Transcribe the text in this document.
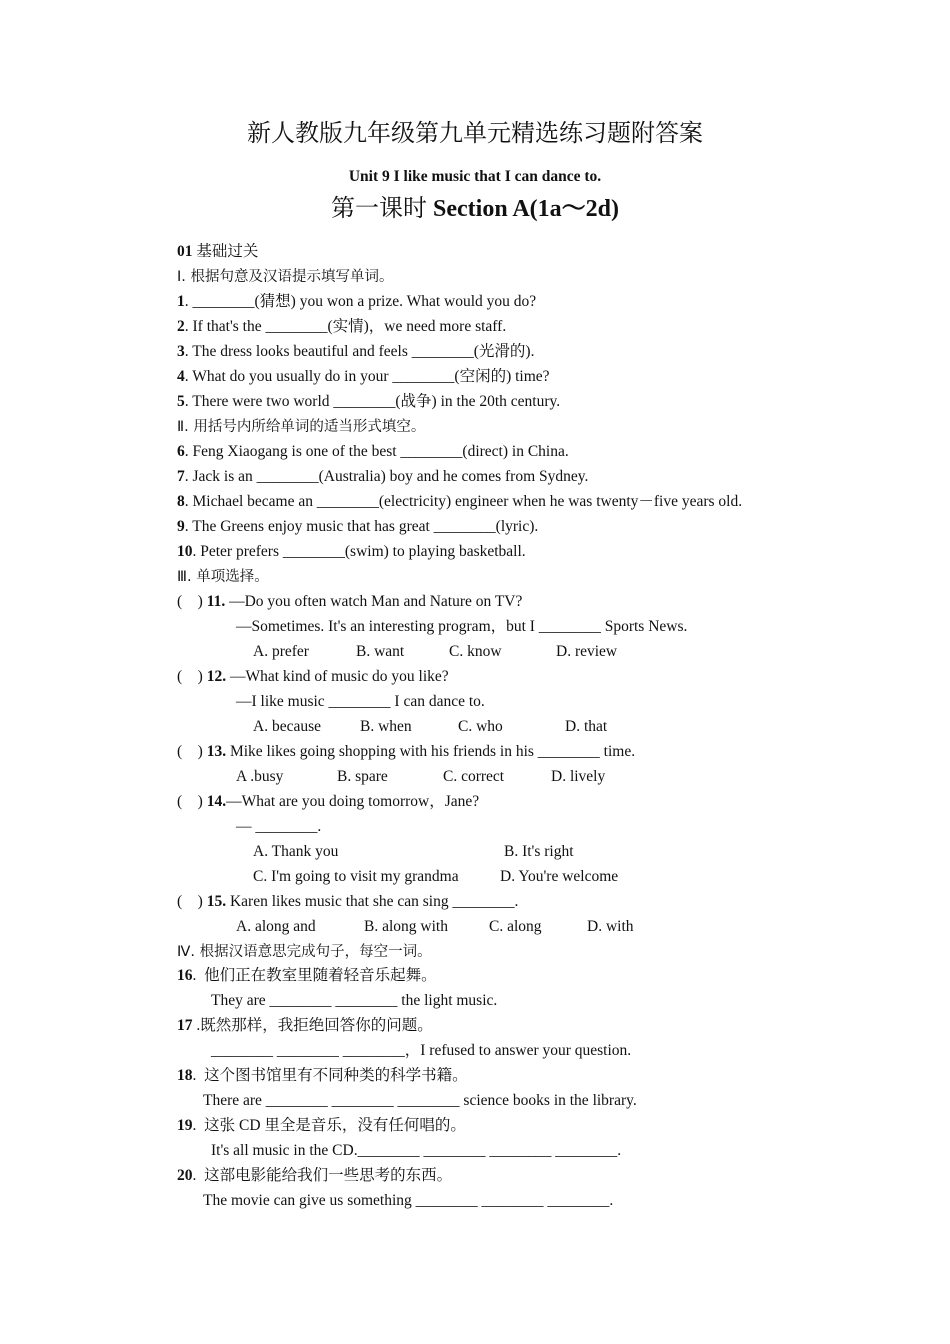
新人教版九年级第九单元精选练习题附答案
Unit 9 I like music that I can dance to.
第一课时 Section A(1a～2d)
01 基础过关
Ⅰ. 根据句意及汉语提示填写单词。
1. ________(猜想) you won a prize. What would you do?
2. If that's the ________(实情)，we need more staff.
3. The dress looks beautiful and feels ________(光滑的).
4. What do you usually do in your ________(空闲的) time?
5. There were two world ________(战争) in the 20th century.
Ⅱ. 用括号内所给单词的适当形式填空。
6. Feng Xiaogang is one of the best ________(direct) in China.
7. Jack is an ________(Australia) boy and he comes from Sydney.
8. Michael became an ________(electricity) engineer when he was twenty－five years old.
9. The Greens enjoy music that has great ________(lyric).
10. Peter prefers ________(swim) to playing basketball.
Ⅲ. 单项选择。
(    ) 11. —Do you often watch Man and Nature on TV?
—Sometimes. It's an interesting program，but I ________ Sports News.
A. prefer	B. want	C. know	D. review
(    ) 12. —What kind of music do you like?
—I like music ________ I can dance to.
A. because	B. when	C. who	D. that
(    ) 13. Mike likes going shopping with his friends in his ________ time.
A .busy	B. spare	C. correct	D. lively
(    ) 14.—What are you doing tomorrow，Jane?
— ________.
A. Thank you	B. It's right
C. I'm going to visit my grandma	D. You're welcome
(    ) 15. Karen likes music that she can sing ________.
A. along and	B. along with	C. along	D. with
Ⅳ. 根据汉语意思完成句子，每空一词。
16.  他们正在教室里随着轻音乐起舞。
They are ________ ________ the light music.
17 .既然那样，我拒绝回答你的问题。
________ ________ ________，I refused to answer your question.
18.  这个图书馆里有不同种类的科学书籍。
There are ________ ________ ________ science books in the library.
19.  这张 CD 里全是音乐，没有任何唱的。
It's all music in the CD.________ ________ ________ ________.
20.  这部电影能给我们一些思考的东西。
The movie can give us something ________ ________ ________.
